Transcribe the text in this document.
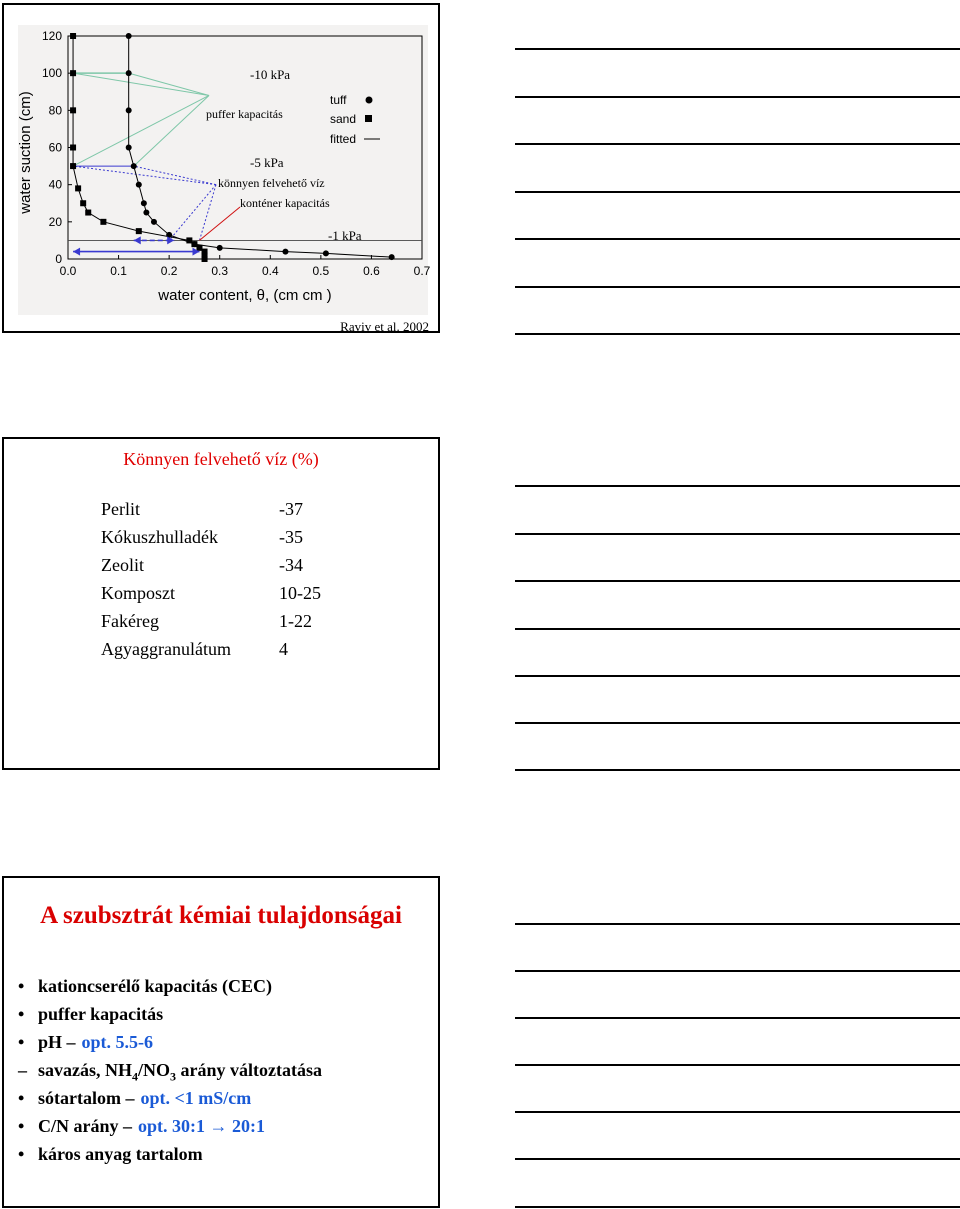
0.0	0.1	0.2	0.3	0.4	0.5	0.6	0.7
0
20
40
60
80
100
120
water content, θ, (cm cm )
water suction (cm)
-10 kPa
puffer kapacitás
-5 kPa
könnyen felvehető víz
konténer kapacitás
-1 kPa
tuff
sand
fitted
Raviv et al. 2002
Könnyen felvehető víz (%)
Perlit	-37
Kókuszhulladék	-35
Zeolit	-34
Komposzt	10-25
Fakéreg	1-22
Agyaggranulátum	4
A szubsztrát kémiai tulajdonságai
• kationcserélő kapacitás (CEC)
• puffer kapacitás
• pH – opt. 5.5-6
– savazás, $NH_4/NO_3$ arány változtatása
• sótartalom – opt. <1 mS/cm
• C/N arány – opt. 30:1 → 20:1
• káros anyag tartalom
